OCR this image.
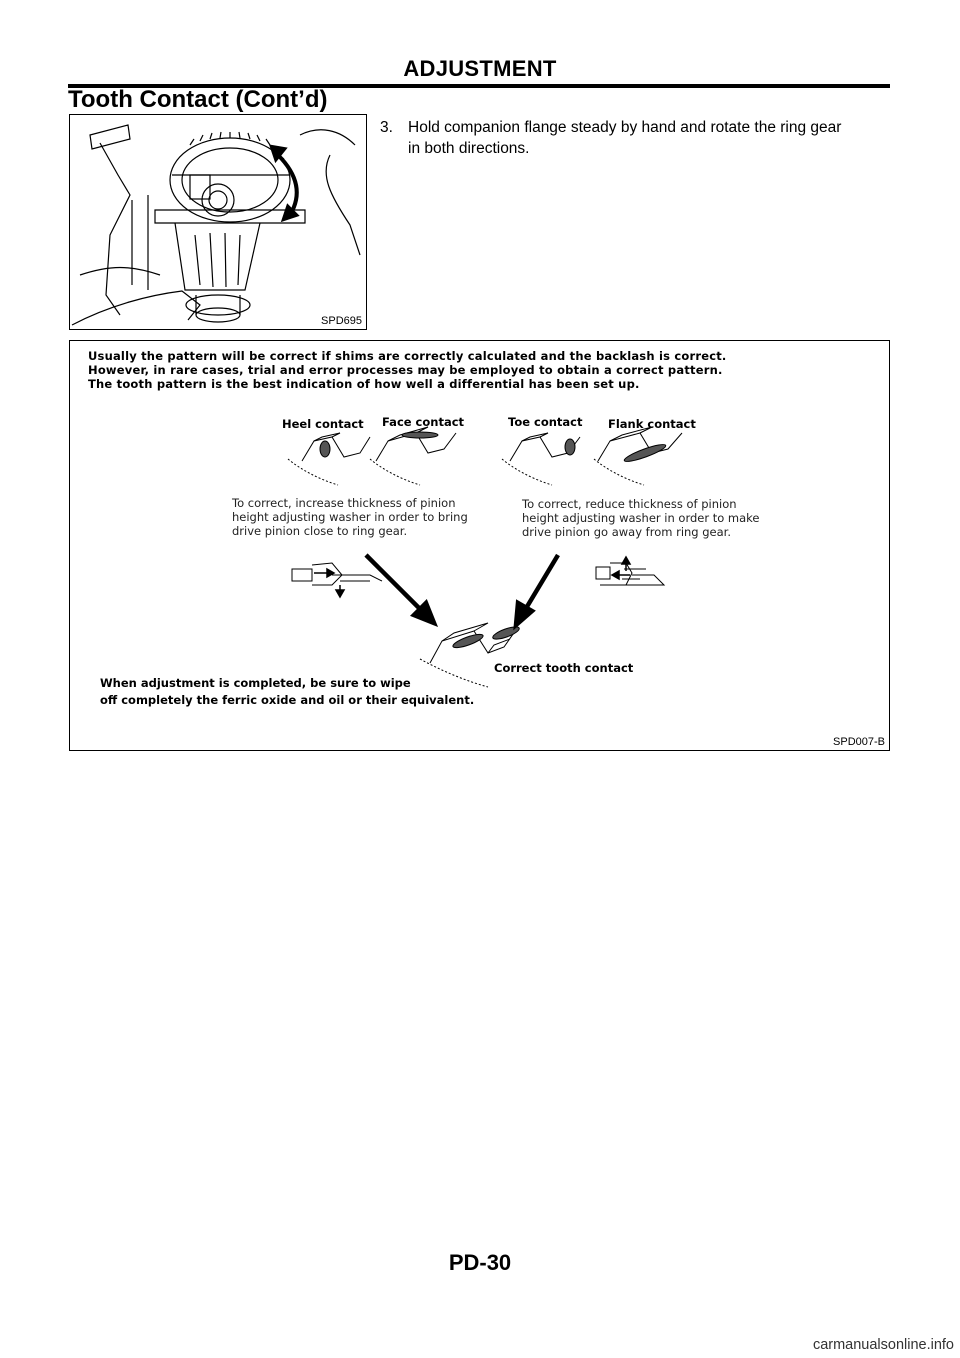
ADJUSTMENT
Tooth Contact (Cont’d)
SPD695
3. Hold companion flange steady by hand and rotate the ring gear
in both directions.
Usually the pattern will be correct if shims are correctly calculated and the backlash is correct.
However, in rare cases, trial and error processes may be employed to obtain a correct pattern.
The tooth pattern is the best indication of how well a differential has been set up.
Heel contact Face contact	Toe contact Flank contact
To correct, increase thickness of pinion
height adjusting washer in order to bring
drive pinion close to ring gear.
To correct, reduce thickness of pinion
height adjusting washer in order to make
drive pinion go away from ring gear.
Correct tooth contact
When adjustment is completed, be sure to wipe
off completely the ferric oxide and oil or their equivalent.
SPD007-B
PD-30
carmanualsonline.info
